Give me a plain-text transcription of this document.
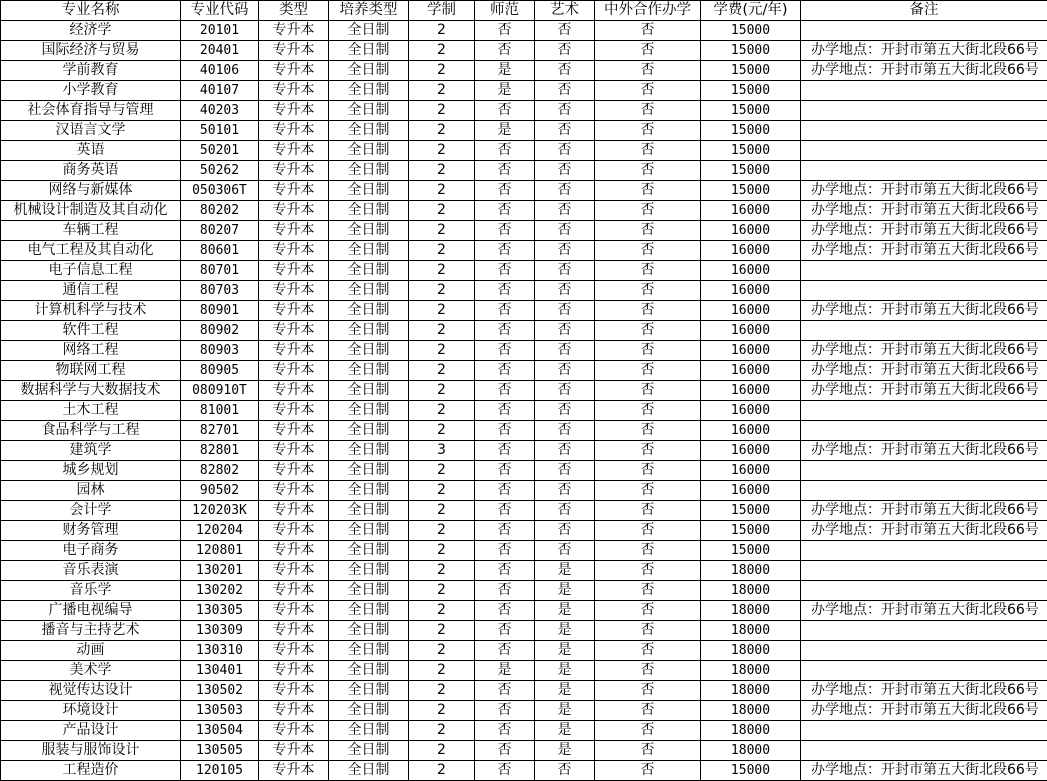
专业名称	专业代码	类型	培养类型	学制	师范	艺术	中外合作办学	学费(元/年)	备注
经济学	20101	专升本	全日制	2	否	否	否	15000	
国际经济与贸易	20401	专升本	全日制	2	否	否	否	15000	办学地点：开封市第五大街北段66号
学前教育	40106	专升本	全日制	2	是	否	否	15000	办学地点：开封市第五大街北段66号
小学教育	40107	专升本	全日制	2	是	否	否	15000	
社会体育指导与管理	40203	专升本	全日制	2	否	否	否	15000	
汉语言文学	50101	专升本	全日制	2	是	否	否	15000	
英语	50201	专升本	全日制	2	否	否	否	15000	
商务英语	50262	专升本	全日制	2	否	否	否	15000	
网络与新媒体	050306T	专升本	全日制	2	否	否	否	15000	办学地点：开封市第五大街北段66号
机械设计制造及其自动化	80202	专升本	全日制	2	否	否	否	16000	办学地点：开封市第五大街北段66号
车辆工程	80207	专升本	全日制	2	否	否	否	16000	办学地点：开封市第五大街北段66号
电气工程及其自动化	80601	专升本	全日制	2	否	否	否	16000	办学地点：开封市第五大街北段66号
电子信息工程	80701	专升本	全日制	2	否	否	否	16000	
通信工程	80703	专升本	全日制	2	否	否	否	16000	
计算机科学与技术	80901	专升本	全日制	2	否	否	否	16000	办学地点：开封市第五大街北段66号
软件工程	80902	专升本	全日制	2	否	否	否	16000	
网络工程	80903	专升本	全日制	2	否	否	否	16000	办学地点：开封市第五大街北段66号
物联网工程	80905	专升本	全日制	2	否	否	否	16000	办学地点：开封市第五大街北段66号
数据科学与大数据技术	080910T	专升本	全日制	2	否	否	否	16000	办学地点：开封市第五大街北段66号
土木工程	81001	专升本	全日制	2	否	否	否	16000	
食品科学与工程	82701	专升本	全日制	2	否	否	否	16000	
建筑学	82801	专升本	全日制	3	否	否	否	16000	办学地点：开封市第五大街北段66号
城乡规划	82802	专升本	全日制	2	否	否	否	16000	
园林	90502	专升本	全日制	2	否	否	否	16000	
会计学	120203K	专升本	全日制	2	否	否	否	15000	办学地点：开封市第五大街北段66号
财务管理	120204	专升本	全日制	2	否	否	否	15000	办学地点：开封市第五大街北段66号
电子商务	120801	专升本	全日制	2	否	否	否	15000	
音乐表演	130201	专升本	全日制	2	否	是	否	18000	
音乐学	130202	专升本	全日制	2	否	是	否	18000	
广播电视编导	130305	专升本	全日制	2	否	是	否	18000	办学地点：开封市第五大街北段66号
播音与主持艺术	130309	专升本	全日制	2	否	是	否	18000	
动画	130310	专升本	全日制	2	否	是	否	18000	
美术学	130401	专升本	全日制	2	是	是	否	18000	
视觉传达设计	130502	专升本	全日制	2	否	是	否	18000	办学地点：开封市第五大街北段66号
环境设计	130503	专升本	全日制	2	否	是	否	18000	办学地点：开封市第五大街北段66号
产品设计	130504	专升本	全日制	2	否	是	否	18000	
服装与服饰设计	130505	专升本	全日制	2	否	是	否	18000	
工程造价	120105	专升本	全日制	2	否	否	否	15000	办学地点：开封市第五大街北段66号
